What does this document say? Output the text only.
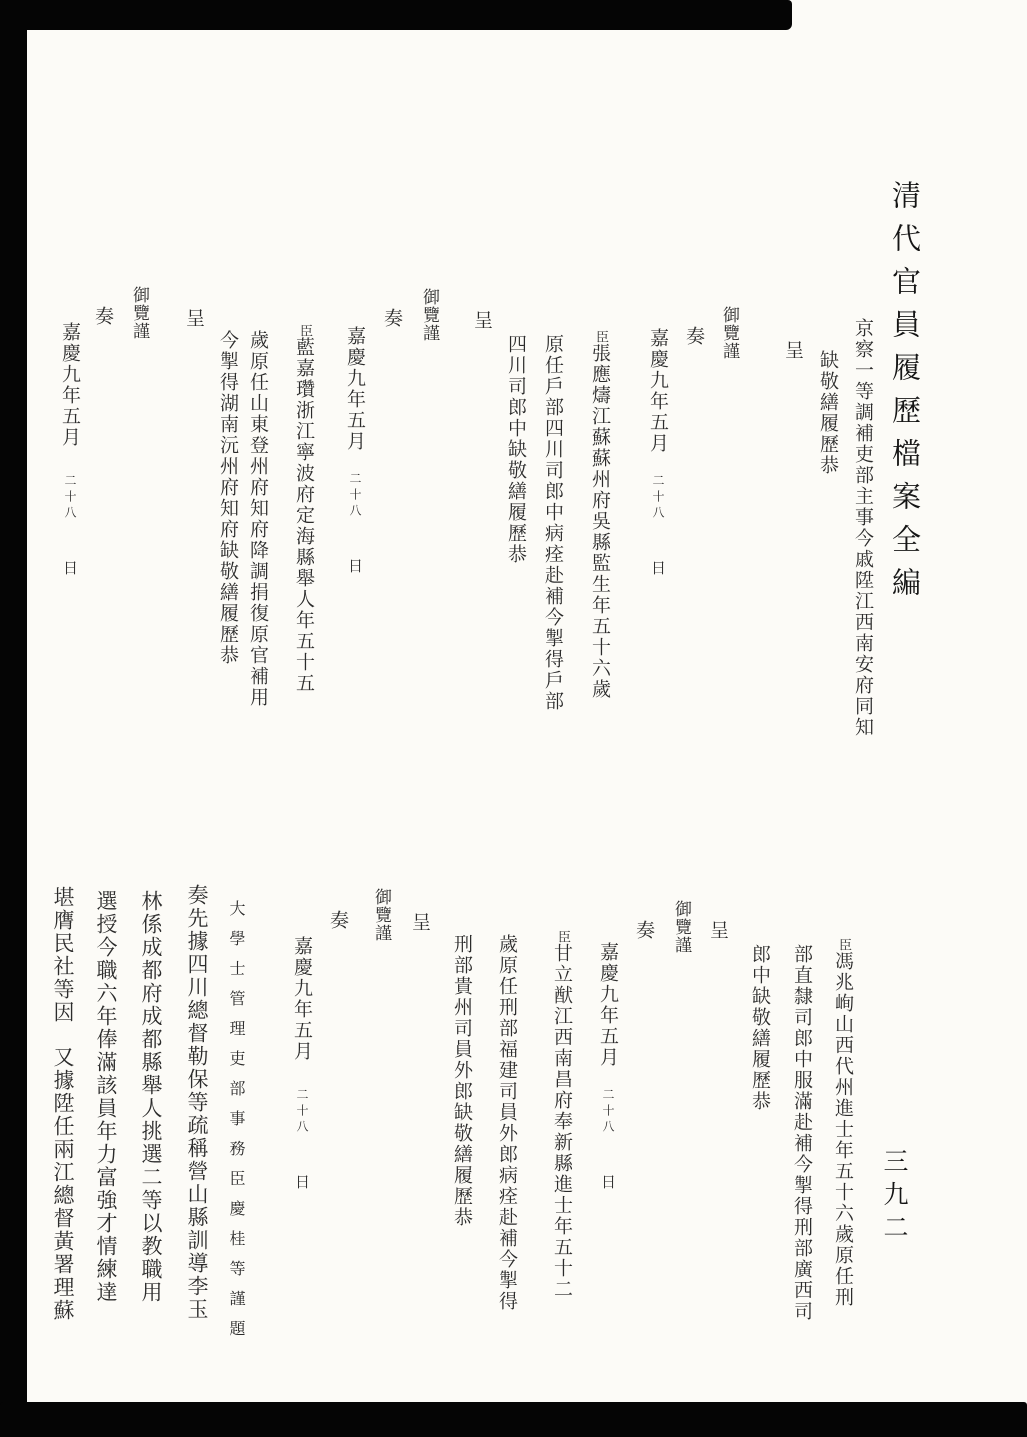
清代官員履歷檔案全編
三九二
京察一等調補吏部主事今戚陞江西南安府同知
缺敬繕履歷恭
呈
御覽謹
奏
嘉慶九年五月二十八日
臣張應燽江蘇蘇州府吳縣監生年五十六歲
原任戶部四川司郎中病痊赴補今掣得戶部
四川司郎中缺敬繕履歷恭
呈
御覽謹
奏
嘉慶九年五月二十八日
臣藍嘉瓚浙江寧波府定海縣舉人年五十五
歲原任山東登州府知府降調捐復原官補用
今掣得湖南沅州府知府缺敬繕履歷恭
呈
御覽謹
奏
嘉慶九年五月二十八日
臣馮兆峋山西代州進士年五十六歲原任刑
部直隸司郎中服滿赴補今掣得刑部廣西司
郎中缺敬繕履歷恭
呈
御覽謹
奏
嘉慶九年五月二十八日
臣甘立猷江西南昌府奉新縣進士年五十二
歲原任刑部福建司員外郎病痊赴補今掣得
刑部貴州司員外郎缺敬繕履歷恭
呈
御覽謹
奏
嘉慶九年五月二十八日
大學士管理吏部事務臣慶桂等謹題
奏先據四川總督勒保等疏稱營山縣訓導李玉
林係成都府成都縣舉人挑選二等以教職用
選授今職六年俸滿該員年力富強才情練達
堪膺民社等因又據陞任兩江總督黃署理蘇
